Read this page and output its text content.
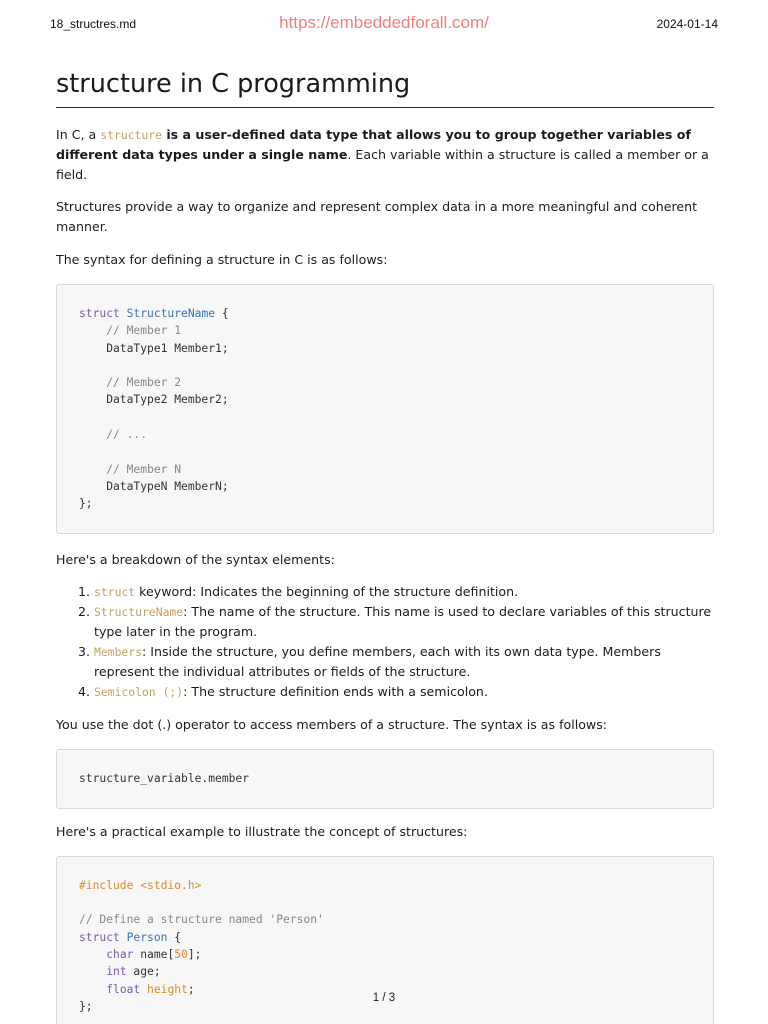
18_structres.md	https://embeddedforall.com/	2024-01-14
structure in C programming

In C, a structure is a user-defined data type that allows you to group together variables of different data types under a single name. Each variable within a structure is called a member or a field.

Structures provide a way to organize and represent complex data in a more meaningful and coherent manner.

The syntax for defining a structure in C is as follows:

struct StructureName {
// Member 1
DataType1 Member1;
// Member 2
DataType2 Member2;
// ...
// Member N
DataTypeN MemberN;
};

Here's a breakdown of the syntax elements:

1. struct keyword: Indicates the beginning of the structure definition.
2. StructureName: The name of the structure. This name is used to declare variables of this structure type later in the program.
3. Members: Inside the structure, you define members, each with its own data type. Members represent the individual attributes or fields of the structure.
4. Semicolon (;): The structure definition ends with a semicolon.

You use the dot (.) operator to access members of a structure. The syntax is as follows:

structure_variable.member

Here's a practical example to illustrate the concept of structures:

#include <stdio.h>
// Define a structure named 'Person'
struct Person {
char name[50];
int age;
float height;
};
1 / 3
